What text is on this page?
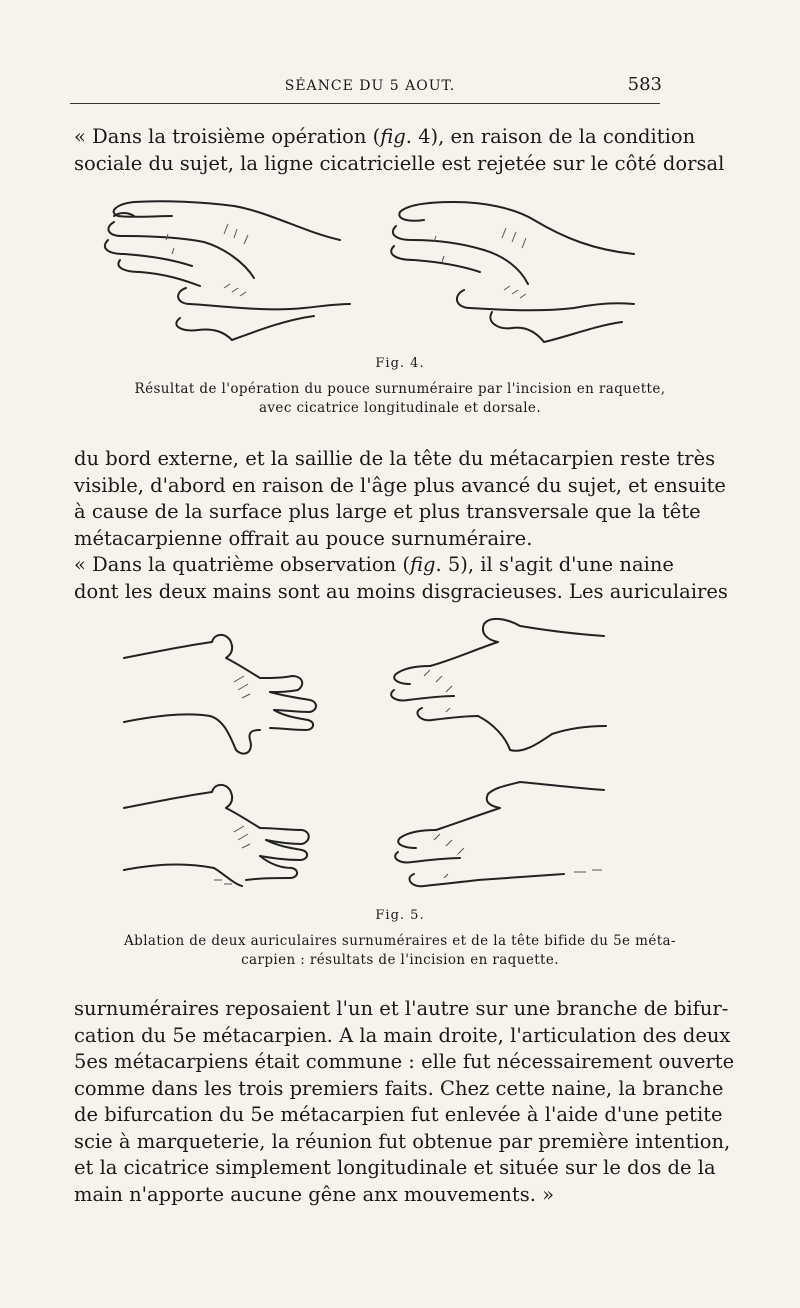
SÉANCE DU 5 AOUT.	583
« Dans la troisième opération (fig. 4), en raison de la condition
sociale du sujet, la ligne cicatricielle est rejetée sur le côté dorsal
Fig. 4.
Résultat de l'opération du pouce surnuméraire par l'incision en raquette,
avec cicatrice longitudinale et dorsale.
du bord externe, et la saillie de la tête du métacarpien reste très
visible, d'abord en raison de l'âge plus avancé du sujet, et ensuite
à cause de la surface plus large et plus transversale que la tête
métacarpienne offrait au pouce surnuméraire.
« Dans la quatrième observation (fig. 5), il s'agit d'une naine
dont les deux mains sont au moins disgracieuses. Les auriculaires
Fig. 5.
Ablation de deux auriculaires surnuméraires et de la tête bifide du 5e méta-
carpien : résultats de l'incision en raquette.
surnuméraires reposaient l'un et l'autre sur une branche de bifur-
cation du 5e métacarpien. A la main droite, l'articulation des deux
5es métacarpiens était commune : elle fut nécessairement ouverte
comme dans les trois premiers faits. Chez cette naine, la branche
de bifurcation du 5e métacarpien fut enlevée à l'aide d'une petite
scie à marqueterie, la réunion fut obtenue par première intention,
et la cicatrice simplement longitudinale et située sur le dos de la
main n'apporte aucune gêne anx mouvements. »
